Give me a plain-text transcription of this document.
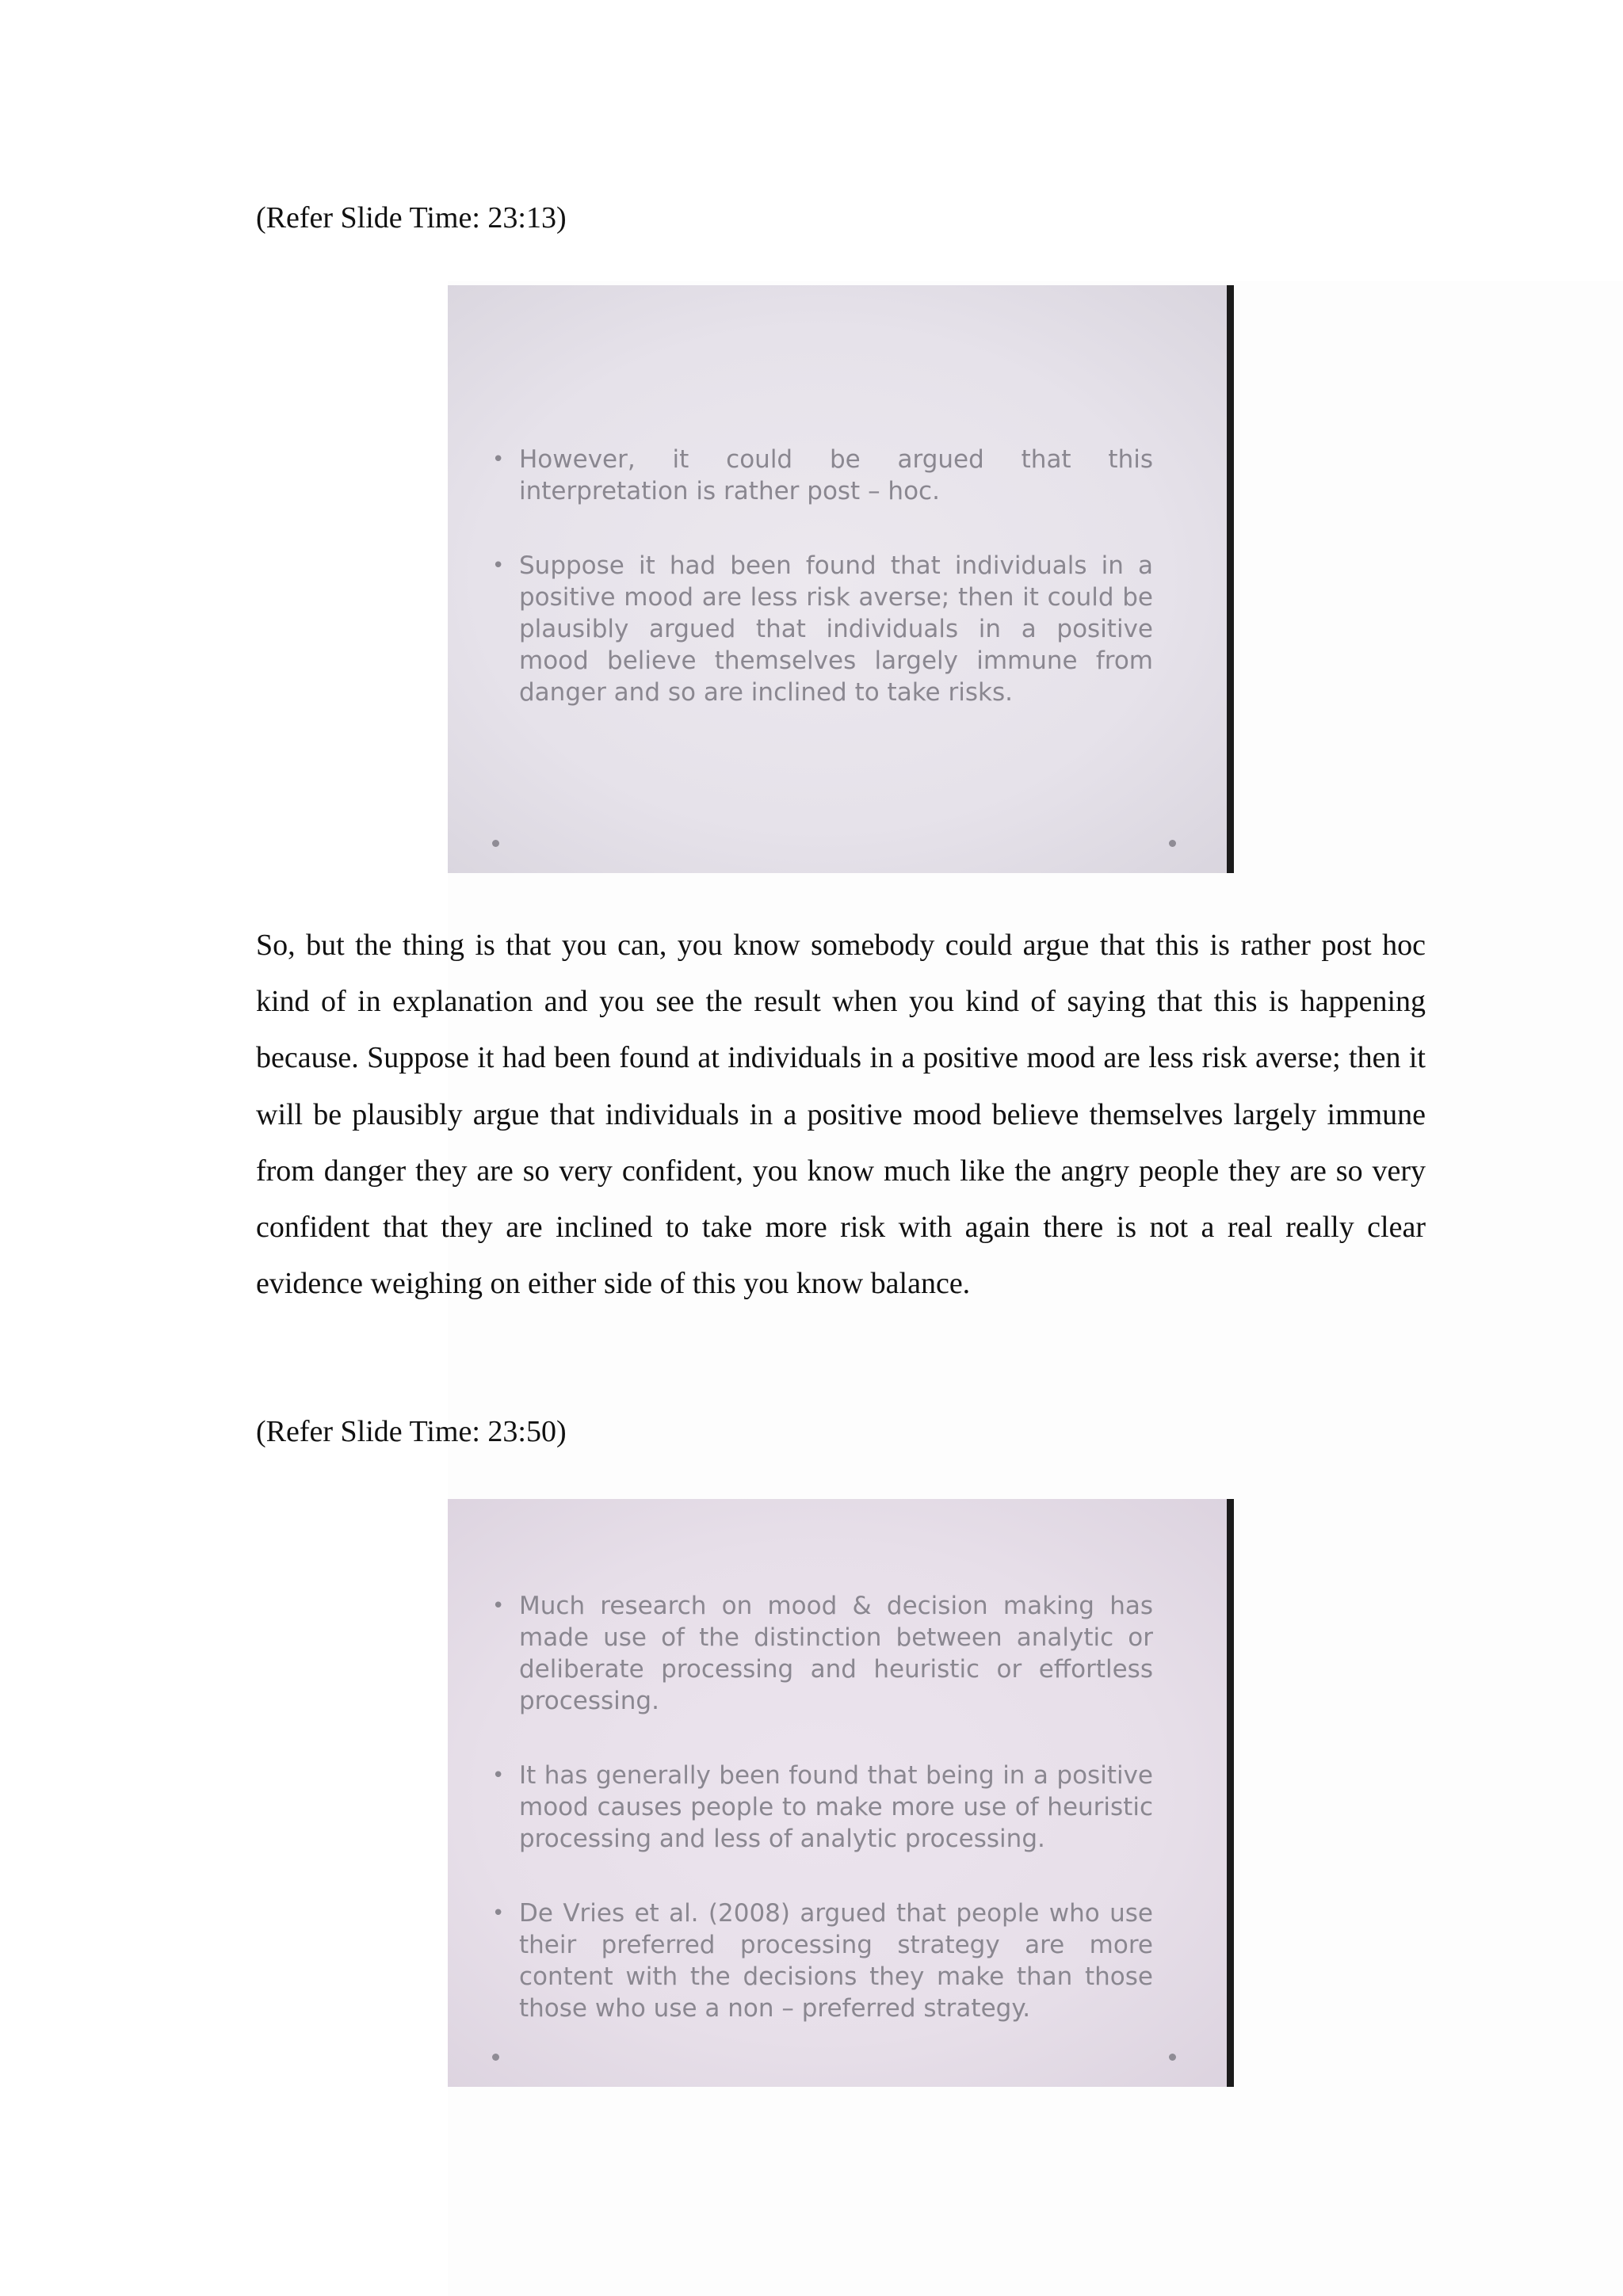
(Refer Slide Time: 23:13)

• However, it could be argued that this interpretation is rather post – hoc.
• Suppose it had been found that individuals in a positive mood are less risk averse; then it could be plausibly argued that individuals in a positive mood believe themselves largely immune from danger and so are inclined to take risks.

So, but the thing is that you can, you know somebody could argue that this is rather post hoc kind of in explanation and you see the result when you kind of saying that this is happening because. Suppose it had been found at individuals in a positive mood are less risk averse; then it will be plausibly argue that individuals in a positive mood believe themselves largely immune from danger they are so very confident, you know much like the angry people they are so very confident that they are inclined to take more risk with again there is not a real really clear evidence weighing on either side of this you know balance.

(Refer Slide Time: 23:50)

• Much research on mood & decision making has made use of the distinction between analytic or deliberate processing and heuristic or effortless processing.
• It has generally been found that being in a positive mood causes people to make more use of heuristic processing and less of analytic processing.
• De Vries et al. (2008) argued that people who use their preferred processing strategy are more content with the decisions they make than those those who use a non – preferred strategy.
